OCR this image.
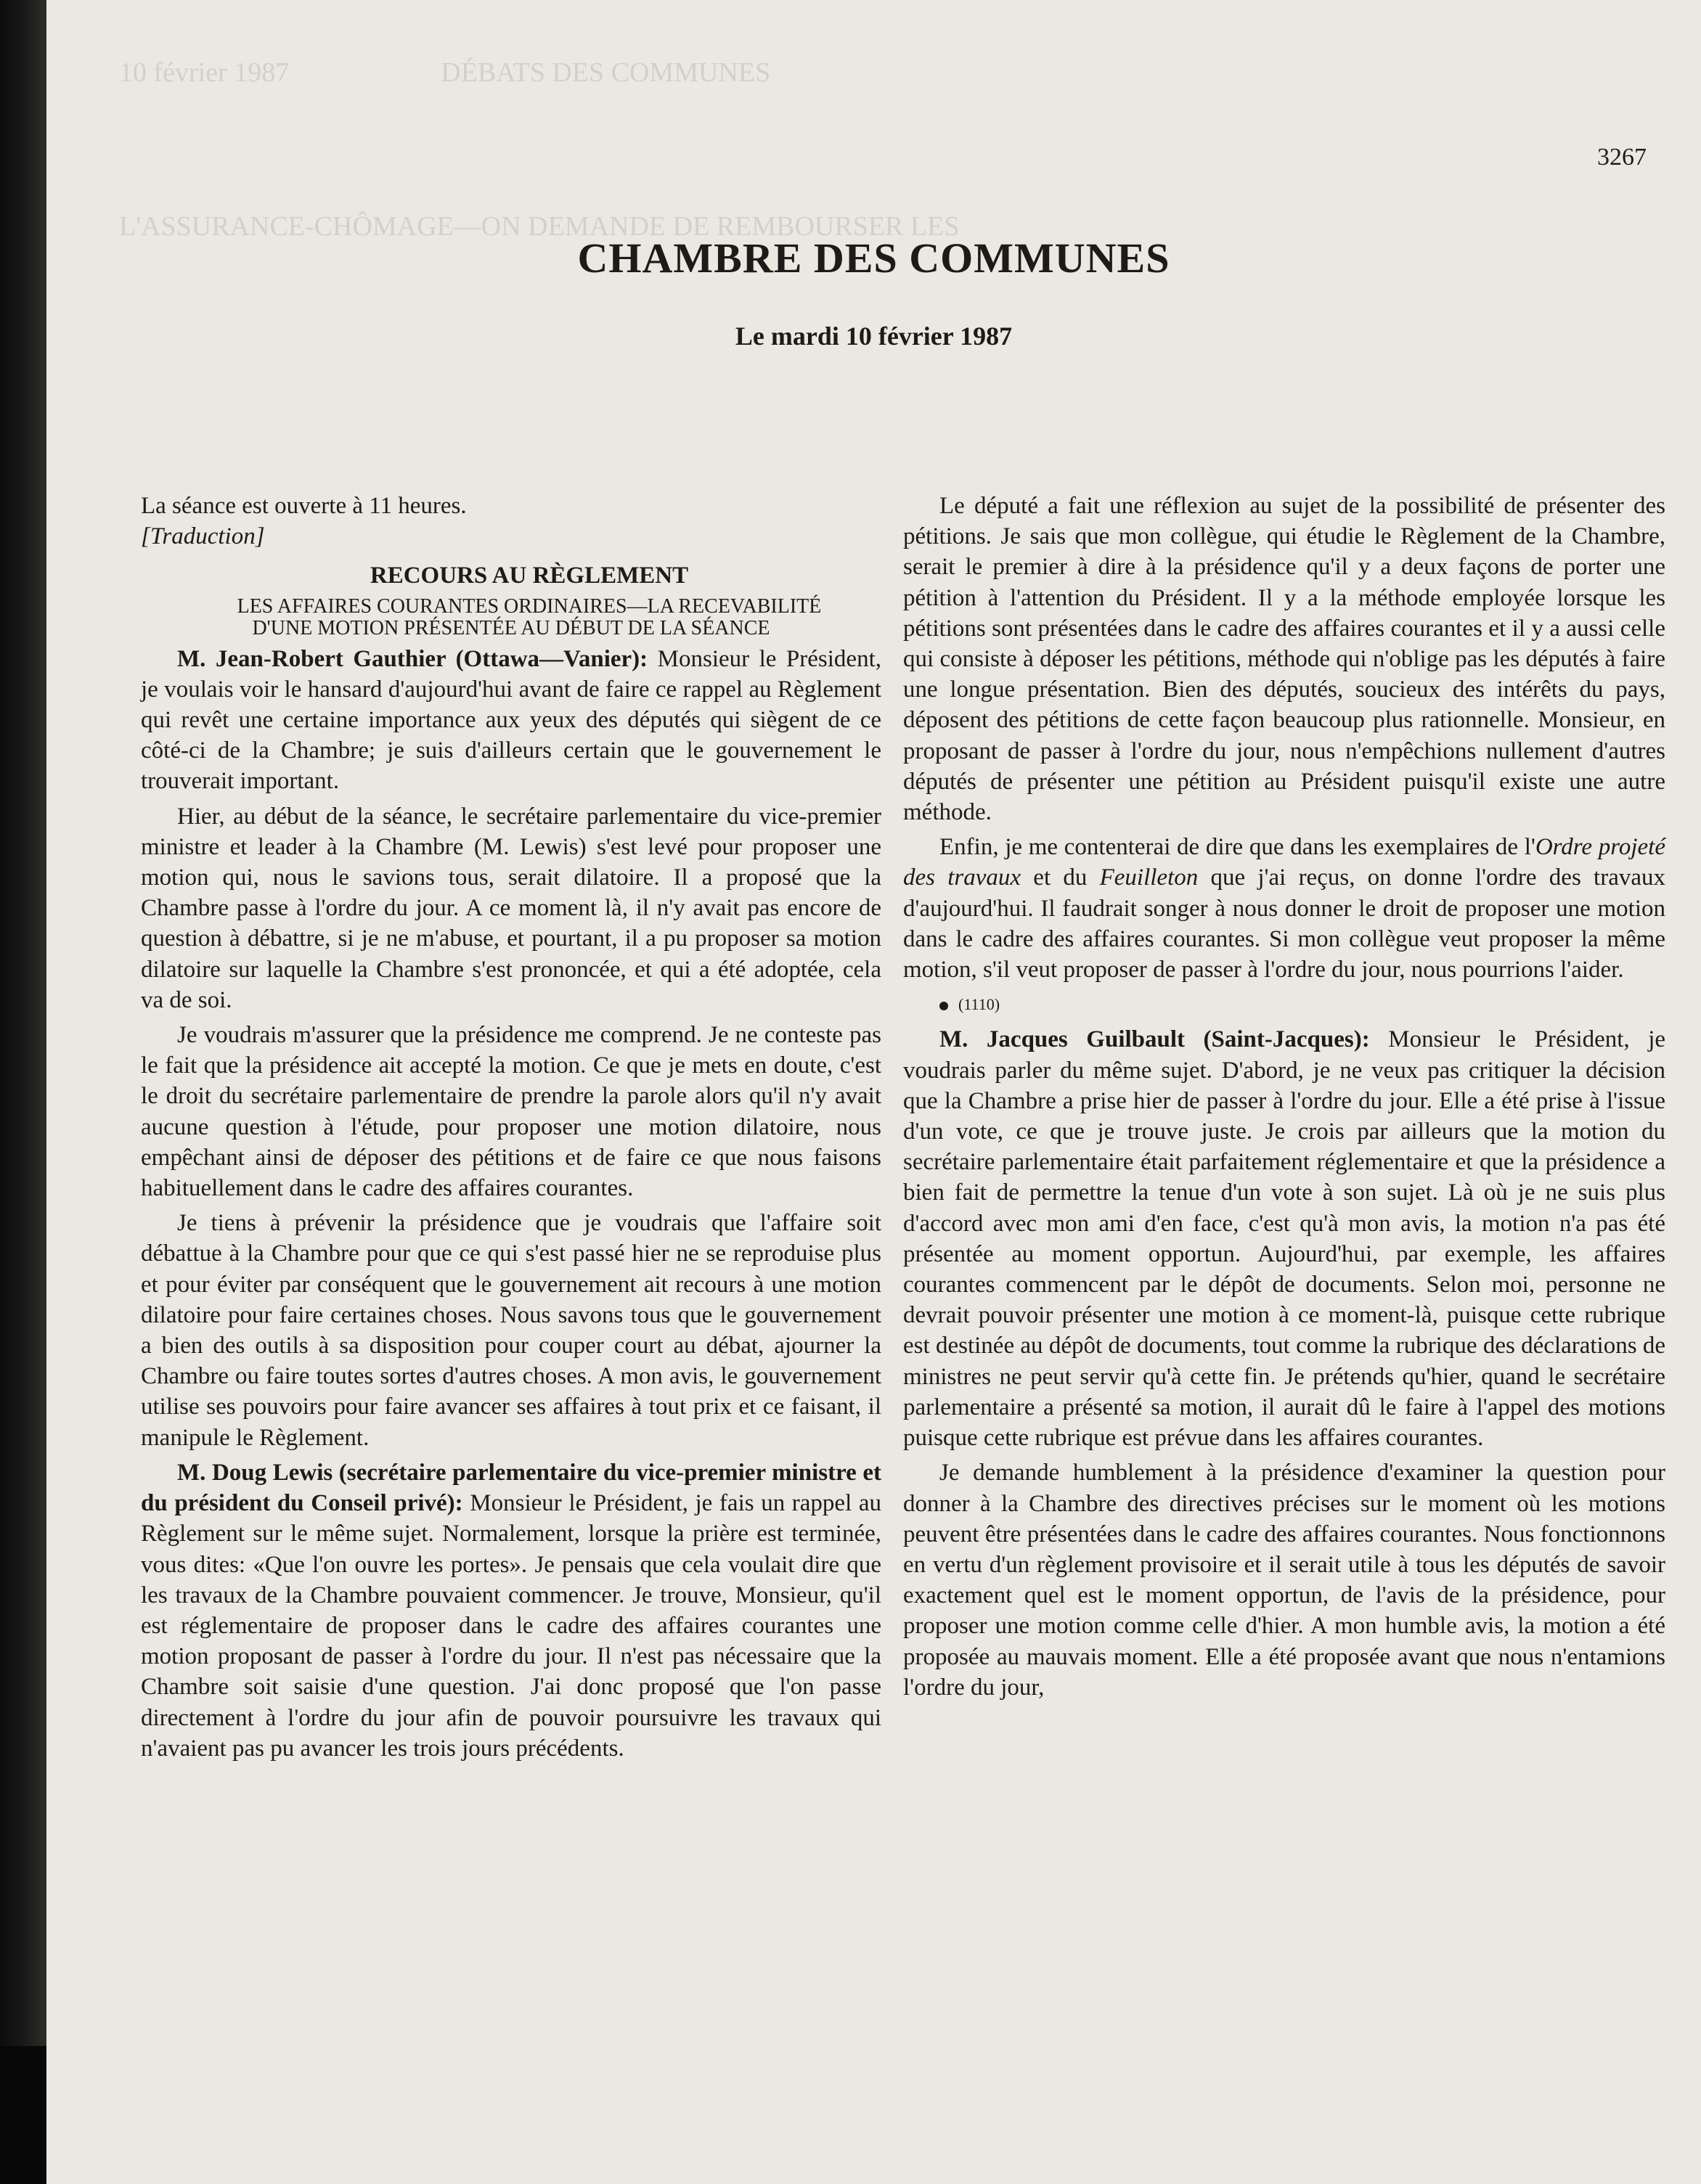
10 février 1987                      DÉBATS DES COMMUNES
L'ASSURANCE-CHÔMAGE—ON DEMANDE DE REMBOURSER LES

3267

CHAMBRE DES COMMUNES

Le mardi 10 février 1987

La séance est ouverte à 11 heures.

[Traduction]

RECOURS AU RÈGLEMENT

LES AFFAIRES COURANTES ORDINAIRES—LA RECEVABILITÉ
D'UNE MOTION PRÉSENTÉE AU DÉBUT DE LA SÉANCE

M. Jean-Robert Gauthier (Ottawa—Vanier): Monsieur le Président, je voulais voir le hansard d'aujourd'hui avant de faire ce rappel au Règlement qui revêt une certaine importance aux yeux des députés qui siègent de ce côté-ci de la Chambre; je suis d'ailleurs certain que le gouvernement le trouverait important.

Hier, au début de la séance, le secrétaire parlementaire du vice-premier ministre et leader à la Chambre (M. Lewis) s'est levé pour proposer une motion qui, nous le savions tous, serait dilatoire. Il a proposé que la Chambre passe à l'ordre du jour. A ce moment là, il n'y avait pas encore de question à débattre, si je ne m'abuse, et pourtant, il a pu proposer sa motion dilatoire sur laquelle la Chambre s'est prononcée, et qui a été adoptée, cela va de soi.

Je voudrais m'assurer que la présidence me comprend. Je ne conteste pas le fait que la présidence ait accepté la motion. Ce que je mets en doute, c'est le droit du secrétaire parlementaire de prendre la parole alors qu'il n'y avait aucune question à l'étude, pour proposer une motion dilatoire, nous empêchant ainsi de déposer des pétitions et de faire ce que nous faisons habituellement dans le cadre des affaires courantes.

Je tiens à prévenir la présidence que je voudrais que l'affaire soit débattue à la Chambre pour que ce qui s'est passé hier ne se reproduise plus et pour éviter par conséquent que le gouvernement ait recours à une motion dilatoire pour faire certaines choses. Nous savons tous que le gouvernement a bien des outils à sa disposition pour couper court au débat, ajourner la Chambre ou faire toutes sortes d'autres choses. A mon avis, le gouvernement utilise ses pouvoirs pour faire avancer ses affaires à tout prix et ce faisant, il manipule le Règlement.

M. Doug Lewis (secrétaire parlementaire du vice-premier ministre et du président du Conseil privé): Monsieur le Président, je fais un rappel au Règlement sur le même sujet. Normalement, lorsque la prière est terminée, vous dites: «Que l'on ouvre les portes». Je pensais que cela voulait dire que les travaux de la Chambre pouvaient commencer. Je trouve, Monsieur, qu'il est réglementaire de proposer dans le cadre des affaires courantes une motion proposant de passer à l'ordre du jour. Il n'est pas nécessaire que la Chambre soit saisie d'une question. J'ai donc proposé que l'on passe directement à l'ordre du jour afin de pouvoir poursuivre les travaux qui n'avaient pas pu avancer les trois jours précédents.

Le député a fait une réflexion au sujet de la possibilité de présenter des pétitions. Je sais que mon collègue, qui étudie le Règlement de la Chambre, serait le premier à dire à la présidence qu'il y a deux façons de porter une pétition à l'attention du Président. Il y a la méthode employée lorsque les pétitions sont présentées dans le cadre des affaires courantes et il y a aussi celle qui consiste à déposer les pétitions, méthode qui n'oblige pas les députés à faire une longue présentation. Bien des députés, soucieux des intérêts du pays, déposent des pétitions de cette façon beaucoup plus rationnelle. Monsieur, en proposant de passer à l'ordre du jour, nous n'empêchions nullement d'autres députés de présenter une pétition au Président puisqu'il existe une autre méthode.

Enfin, je me contenterai de dire que dans les exemplaires de l'Ordre projeté des travaux et du Feuilleton que j'ai reçus, on donne l'ordre des travaux d'aujourd'hui. Il faudrait songer à nous donner le droit de proposer une motion dans le cadre des affaires courantes. Si mon collègue veut proposer la même motion, s'il veut proposer de passer à l'ordre du jour, nous pourrions l'aider.

(1110)

M. Jacques Guilbault (Saint-Jacques): Monsieur le Président, je voudrais parler du même sujet. D'abord, je ne veux pas critiquer la décision que la Chambre a prise hier de passer à l'ordre du jour. Elle a été prise à l'issue d'un vote, ce que je trouve juste. Je crois par ailleurs que la motion du secrétaire parlementaire était parfaitement réglementaire et que la présidence a bien fait de permettre la tenue d'un vote à son sujet. Là où je ne suis plus d'accord avec mon ami d'en face, c'est qu'à mon avis, la motion n'a pas été présentée au moment opportun. Aujourd'hui, par exemple, les affaires courantes commencent par le dépôt de documents. Selon moi, personne ne devrait pouvoir présenter une motion à ce moment-là, puisque cette rubrique est destinée au dépôt de documents, tout comme la rubrique des déclarations de ministres ne peut servir qu'à cette fin. Je prétends qu'hier, quand le secrétaire parlementaire a présenté sa motion, il aurait dû le faire à l'appel des motions puisque cette rubrique est prévue dans les affaires courantes.

Je demande humblement à la présidence d'examiner la question pour donner à la Chambre des directives précises sur le moment où les motions peuvent être présentées dans le cadre des affaires courantes. Nous fonctionnons en vertu d'un règlement provisoire et il serait utile à tous les députés de savoir exactement quel est le moment opportun, de l'avis de la présidence, pour proposer une motion comme celle d'hier. A mon humble avis, la motion a été proposée au mauvais moment. Elle a été proposée avant que nous n'entamions l'ordre du jour,
